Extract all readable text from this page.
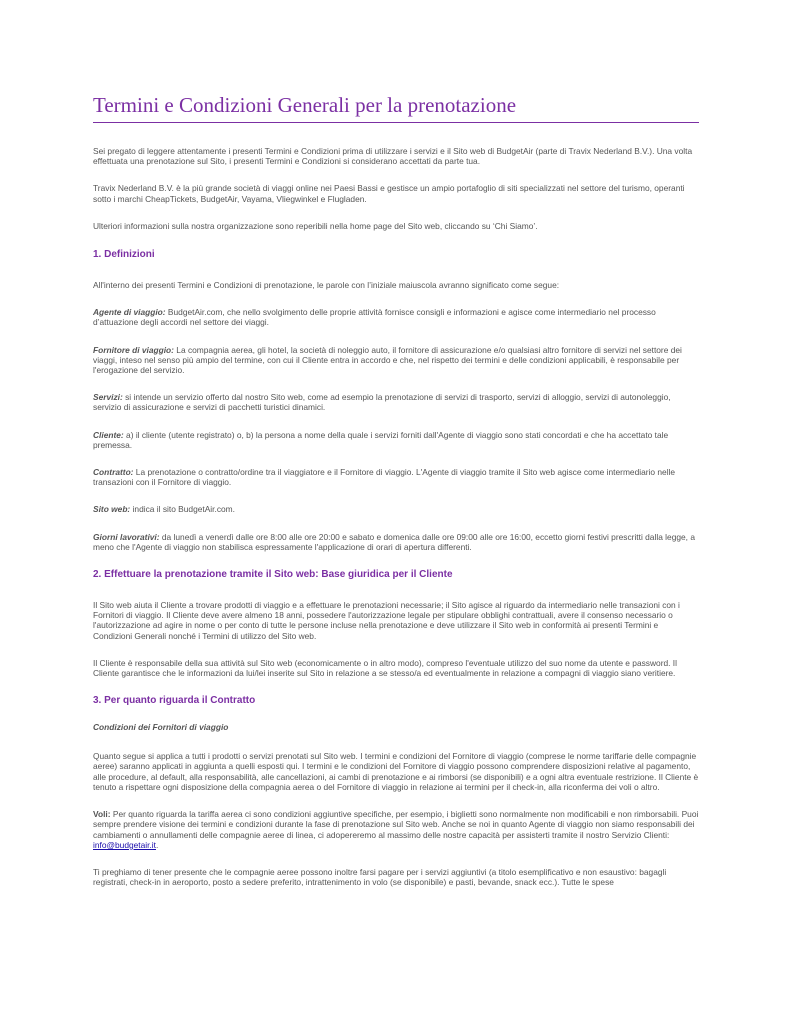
Termini e Condizioni Generali per la prenotazione

Sei pregato di leggere attentamente i presenti Termini e Condizioni prima di utilizzare i servizi e il Sito web di BudgetAir (parte di Travix Nederland B.V.). Una volta effettuata una prenotazione sul Sito, i presenti Termini e Condizioni si considerano accettati da parte tua.

Travix Nederland B.V. è la più grande società di viaggi online nei Paesi Bassi e gestisce un ampio portafoglio di siti specializzati nel settore del turismo, operanti sotto i marchi CheapTickets, BudgetAir, Vayama, Vliegwinkel e Flugladen.

Ulteriori informazioni sulla nostra organizzazione sono reperibili nella home page del Sito web, cliccando su ‘Chi Siamo’.

1. Definizioni

All'interno dei presenti Termini e Condizioni di prenotazione, le parole con l’iniziale maiuscola avranno significato come segue:

Agente di viaggio: BudgetAir.com, che nello svolgimento delle proprie attività fornisce consigli e informazioni e agisce come intermediario nel processo d’attuazione degli accordi nel settore dei viaggi.

Fornitore di viaggio: La compagnia aerea, gli hotel, la società di noleggio auto, il fornitore di assicurazione e/o qualsiasi altro fornitore di servizi nel settore dei viaggi, inteso nel senso più ampio del termine, con cui il Cliente entra in accordo e che, nel rispetto dei termini e delle condizioni applicabili, è responsabile per l'erogazione del servizio.

Servizi: si intende un servizio offerto dal nostro Sito web, come ad esempio la prenotazione di servizi di trasporto, servizi di alloggio, servizi di autonoleggio, servizio di assicurazione e servizi di pacchetti turistici dinamici.

Cliente: a) il cliente (utente registrato) o, b) la persona a nome della quale i servizi forniti dall'Agente di viaggio sono stati concordati e che ha accettato tale premessa.

Contratto: La prenotazione o contratto/ordine tra il viaggiatore e il Fornitore di viaggio. L'Agente di viaggio tramite il Sito web agisce come intermediario nelle transazioni con il Fornitore di viaggio.

Sito web: indica il sito BudgetAir.com.

Giorni lavorativi: da lunedì a venerdì dalle ore 8:00 alle ore 20:00 e sabato e domenica dalle ore 09:00 alle ore 16:00, eccetto giorni festivi prescritti dalla legge, a meno che l'Agente di viaggio non stabilisca espressamente l'applicazione di orari di apertura differenti.

2. Effettuare la prenotazione tramite il Sito web: Base giuridica per il Cliente

Il Sito web aiuta il Cliente a trovare prodotti di viaggio e a effettuare le prenotazioni necessarie; il Sito agisce al riguardo da intermediario nelle transazioni con i Fornitori di viaggio. Il Cliente deve avere almeno 18 anni, possedere l'autorizzazione legale per stipulare obblighi contrattuali, avere il consenso necessario o l'autorizzazione ad agire in nome o per conto di tutte le persone incluse nella prenotazione e deve utilizzare il Sito web in conformità ai presenti Termini e Condizioni Generali nonché i Termini di utilizzo del Sito web.

Il Cliente è responsabile della sua attività sul Sito web (economicamente o in altro modo), compreso l'eventuale utilizzo del suo nome da utente e password. Il Cliente garantisce che le informazioni da lui/lei inserite sul Sito in relazione a se stesso/a ed eventualmente in relazione a compagni di viaggio siano veritiere.

3. Per quanto riguarda il Contratto

Condizioni dei Fornitori di viaggio

Quanto segue si applica a tutti i prodotti o servizi prenotati sul Sito web. I termini e condizioni del Fornitore di viaggio (comprese le norme tariffarie delle compagnie aeree) saranno applicati in aggiunta a quelli esposti qui. I termini e le condizioni del Fornitore di viaggio possono comprendere disposizioni relative al pagamento, alle procedure, al default, alla responsabilità, alle cancellazioni, ai cambi di prenotazione e ai rimborsi (se disponibili) e a ogni altra eventuale restrizione. Il Cliente è tenuto a rispettare ogni disposizione della compagnia aerea o del Fornitore di viaggio in relazione ai termini per il check-in, alla riconferma dei voli o altro.

Voli: Per quanto riguarda la tariffa aerea ci sono condizioni aggiuntive specifiche, per esempio, i biglietti sono normalmente non modificabili e non rimborsabili. Puoi sempre prendere visione dei termini e condizioni durante la fase di prenotazione sul Sito web. Anche se noi in quanto Agente di viaggio non siamo responsabili dei cambiamenti o annullamenti delle compagnie aeree di linea, ci adopereremo al massimo delle nostre capacità per assisterti tramite il nostro Servizio Clienti: info@budgetair.it.

Ti preghiamo di tener presente che le compagnie aeree possono inoltre farsi pagare per i servizi aggiuntivi (a titolo esemplificativo e non esaustivo: bagagli registrati, check-in in aeroporto, posto a sedere preferito, intrattenimento in volo (se disponibile) e pasti, bevande, snack ecc.). Tutte le spese
